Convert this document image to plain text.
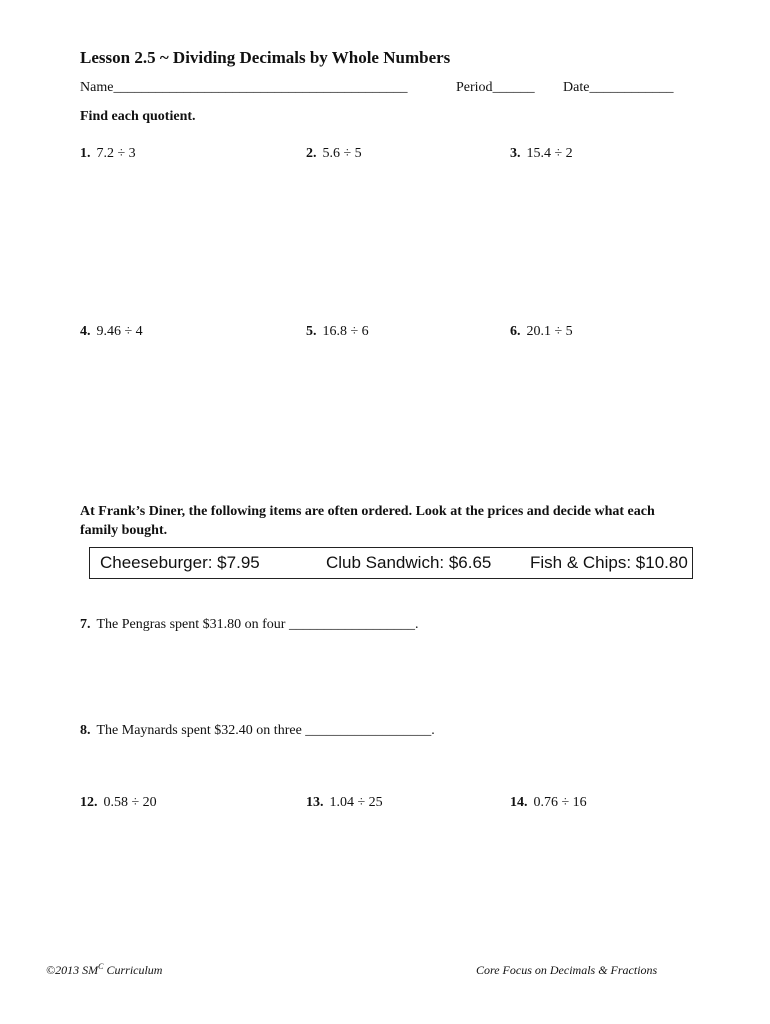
Lesson 2.5 ~ Dividing Decimals by Whole Numbers
Name__________________________________________	Period______ Date____________
Find each quotient.
1. 7.2 ÷ 3	2. 5.6 ÷ 5	3. 15.4 ÷ 2
4. 9.46 ÷ 4	5. 16.8 ÷ 6	6. 20.1 ÷ 5
At Frank’s Diner, the following items are often ordered. Look at the prices and decide what each family bought.
Cheeseburger: $7.95	Club Sandwich: $6.65 Fish & Chips: $10.80
7. The Pengras spent $31.80 on four __________________.
8. The Maynards spent $32.40 on three __________________.
12. 0.58 ÷ 20	13. 1.04 ÷ 25	14. 0.76 ÷ 16
©2013 $SM^C$ Curriculum	Core Focus on Decimals & Fractions
